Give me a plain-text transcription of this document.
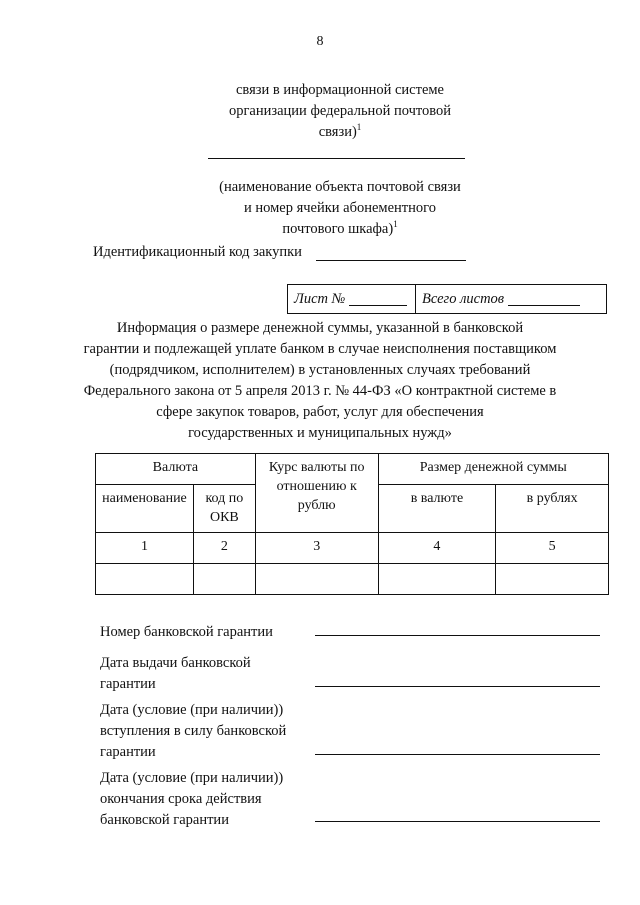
8
связи в информационной системе
организации федеральной почтовой
связи)$^1$
(наименование объекта почтовой связи
и номер ячейки абонементного
почтового шкафа)$^1$
Идентификационный код закупки
Лист №	Всего листов
Информация о размере денежной суммы, указанной в банковской
гарантии и подлежащей уплате банком в случае неисполнения поставщиком
(подрядчиком, исполнителем) в установленных случаях требований
Федерального закона от 5 апреля 2013 г. № 44-ФЗ «О контрактной системе в
сфере закупок товаров, работ, услуг для обеспечения
государственных и муниципальных нужд»
Валюта		Курс валюты по отношению к рублю	Размер денежной суммы	
наименование	код по ОКВ		в валюте	в рублях
1	2	3	4	5

Номер банковской гарантии
Дата выдачи банковской гарантии
Дата (условие (при наличии)) вступления в силу банковской гарантии
Дата (условие (при наличии)) окончания срока действия банковской гарантии
